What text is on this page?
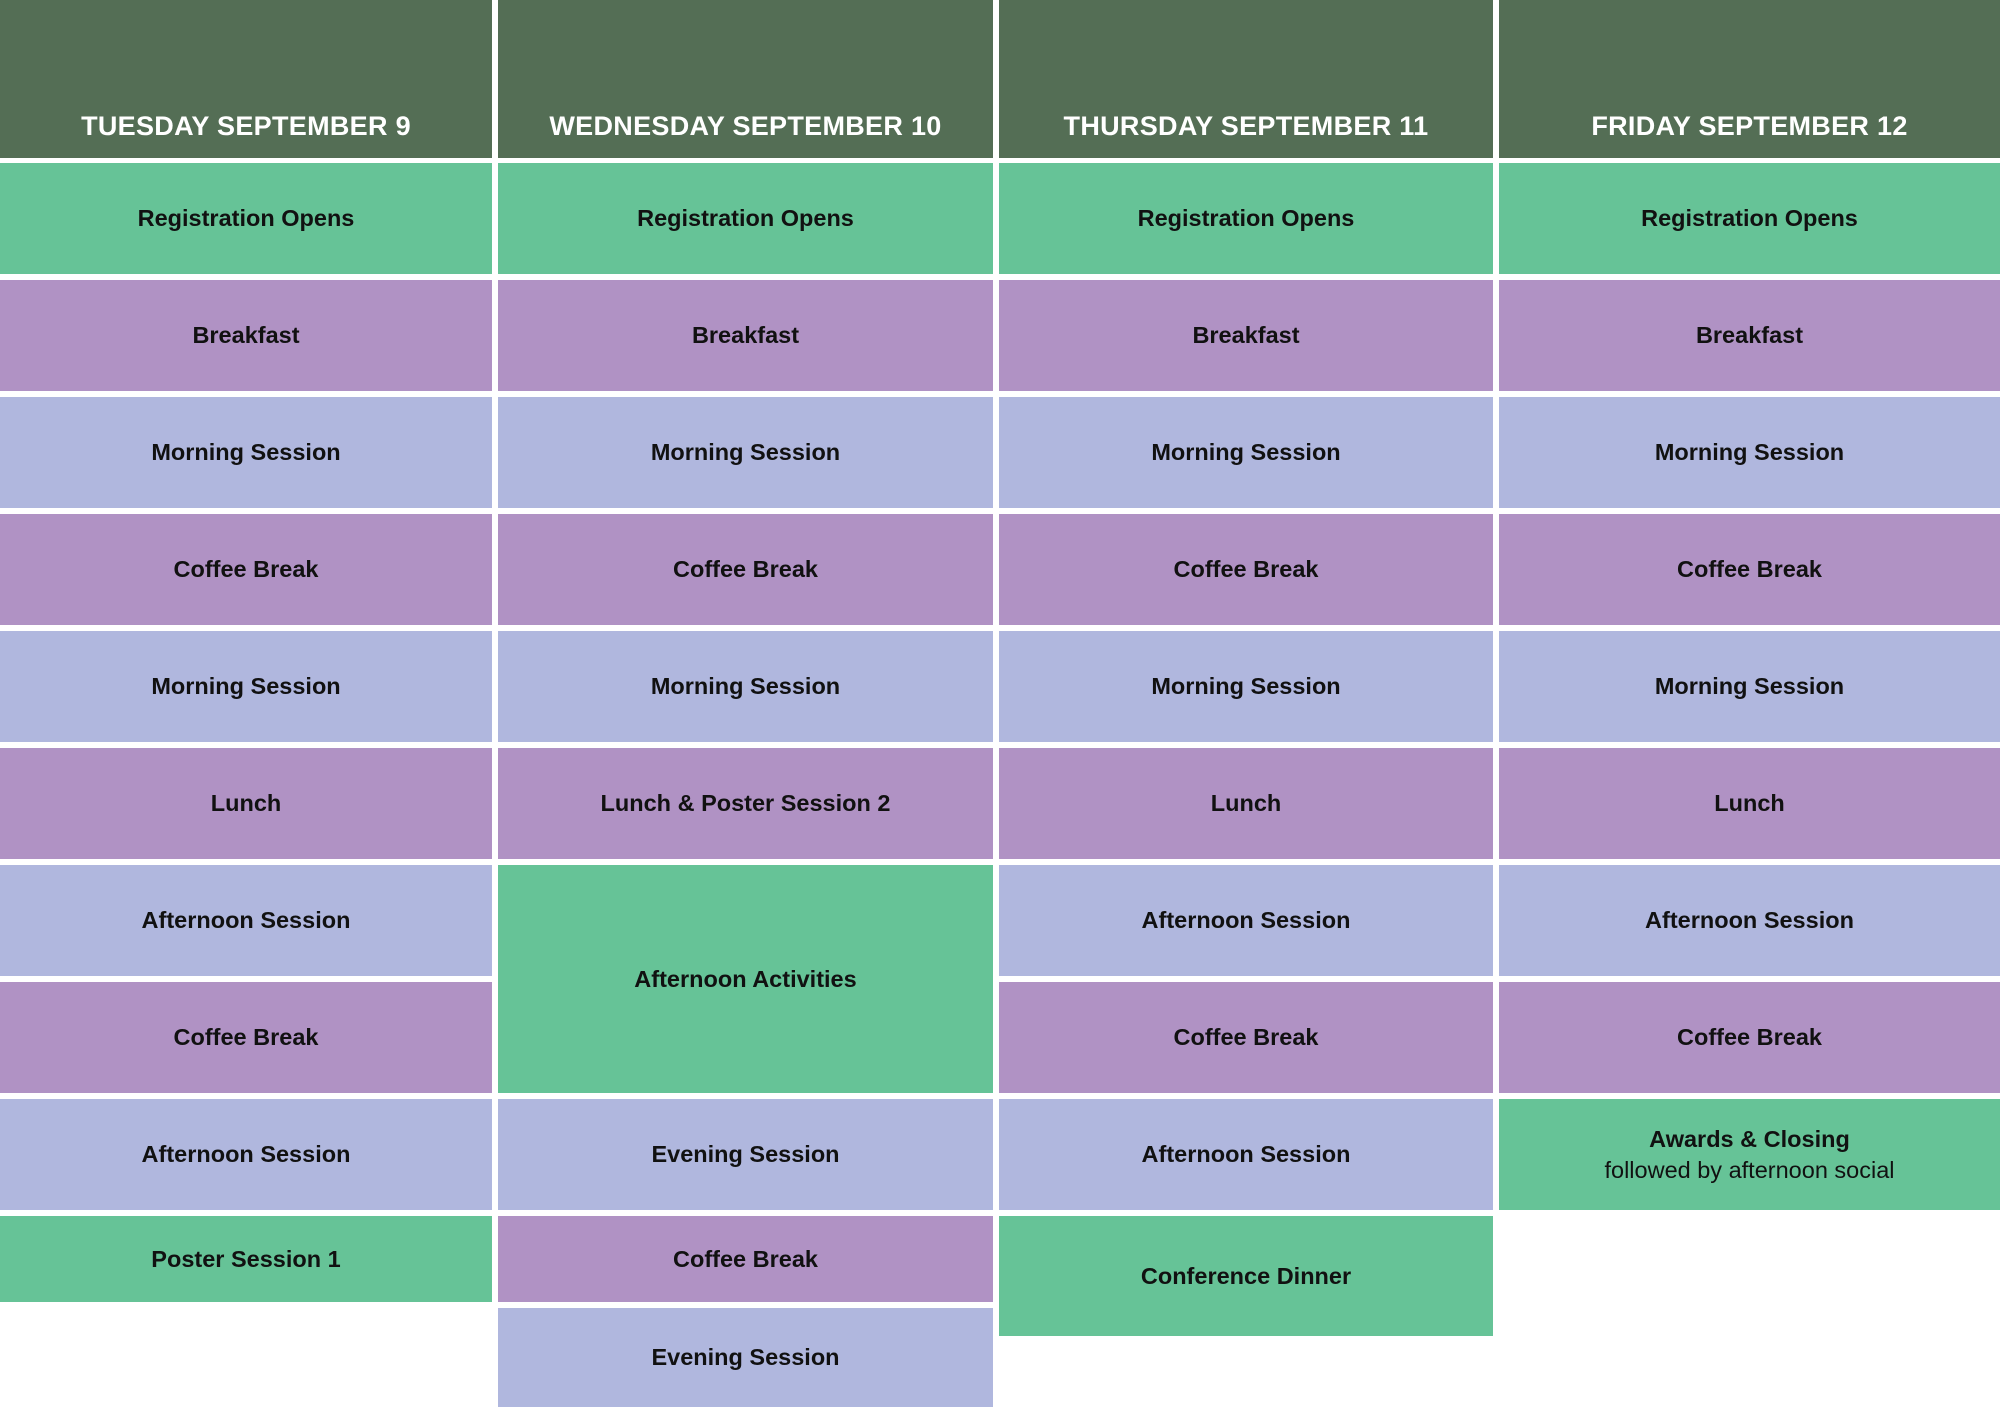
TUESDAY SEPTEMBER 9
Registration Opens
Breakfast
Morning Session
Coffee Break
Morning Session
Lunch
Afternoon Session
Coffee Break
Afternoon Session
Poster Session 1
WEDNESDAY SEPTEMBER 10
Registration Opens
Breakfast
Morning Session
Coffee Break
Morning Session
Lunch & Poster Session 2
Afternoon Activities
Evening Session
Coffee Break
Evening Session
THURSDAY SEPTEMBER 11
Registration Opens
Breakfast
Morning Session
Coffee Break
Morning Session
Lunch
Afternoon Session
Coffee Break
Afternoon Session
Conference Dinner
FRIDAY SEPTEMBER 12
Registration Opens
Breakfast
Morning Session
Coffee Break
Morning Session
Lunch
Afternoon Session
Coffee Break
Awards & Closing
followed by afternoon social
